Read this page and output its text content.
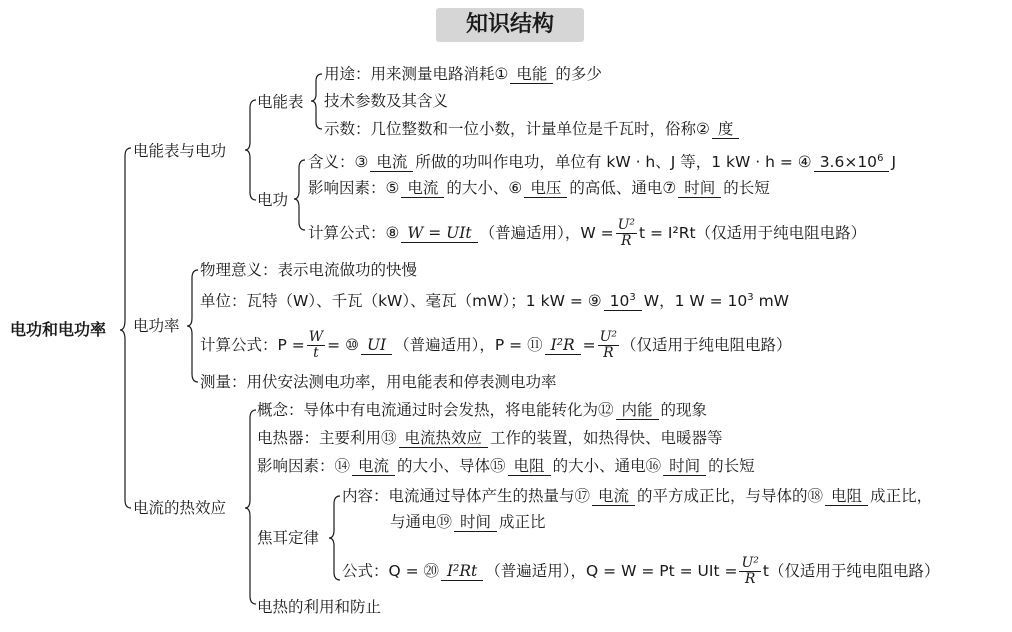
知识结构
电功和电功率
电能表与电功
电能表
用途：用来测量电路消耗① 电能 的多少
技术参数及其含义
示数：几位整数和一位小数，计量单位是千瓦时，俗称② 度
电功
含义：③ 电流 所做的功叫作电功，单位有 kW · h、J 等，1 kW · h = ④ $3.6\times 10^6$ J
影响因素：⑤ 电流 的大小、⑥ 电压 的高低、通电⑦ 时间 的长短
计算公式：⑧ W = UIt （普遍适用），$W = \frac{\text{U²}}{R}$ t = I²Rt（仅适用于纯电阻电路）
电功率
物理意义：表示电流做功的快慢
单位：瓦特（W）、千瓦（kW）、毫瓦（mW）；1 kW = ⑨ $10^3$ W，1 $W = 10^3$ mW
计算公式：$P = \frac{W}{t}$ = ⑩ UI （普遍适用），P = ⑪ $I^2R = \frac{\text{U²}}{R}$ （仅适用于纯电阻电路）
测量：用伏安法测电功率，用电能表和停表测电功率
电流的热效应
概念：导体中有电流通过时会发热，将电能转化为⑫ 内能 的现象
电热器：主要利用⑬ 电流热效应 工作的装置，如热得快、电暖器等
影响因素：⑭ 电流 的大小、导体⑮ 电阻 的大小、通电⑯ 时间 的长短
焦耳定律
内容：电流通过导体产生的热量与⑰ 电流 的平方成正比，与导体的⑱ 电阻 成正比，
与通电⑲ 时间 成正比
公式：Q = ⑳ I²Rt （普遍适用），Q = W = Pt = UIt = $\frac{\text{U²}}{R} t$（仅适用于纯电阻电路）
电热的利用和防止
